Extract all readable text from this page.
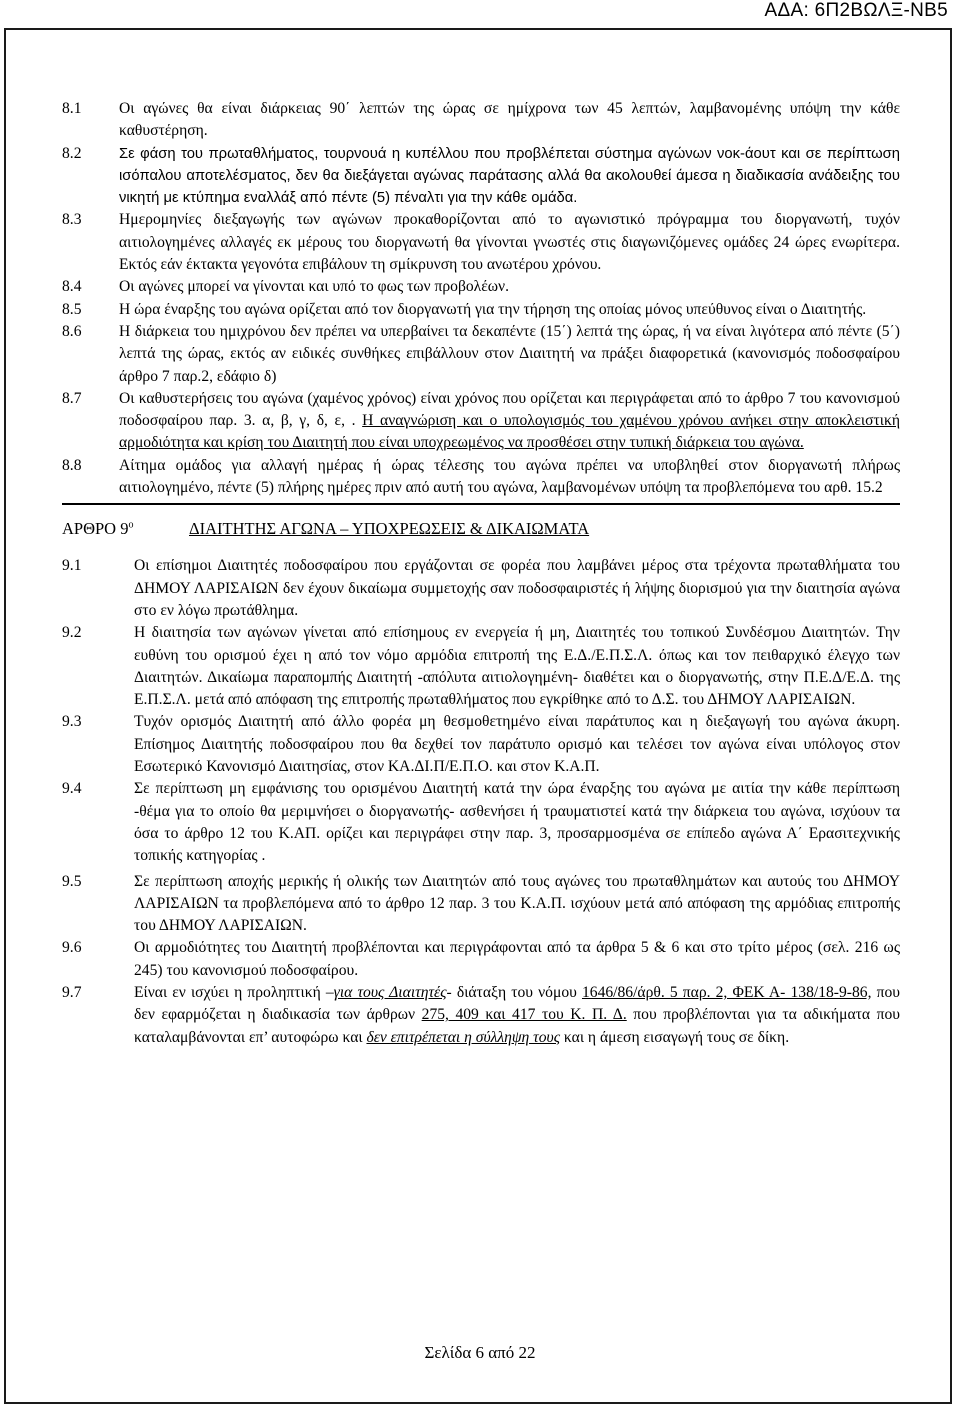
ΑΔΑ: 6Π2ΒΩΛΞ-ΝΒ5
8.1	Οι αγώνες θα είναι διάρκειας 90΄ λεπτών της ώρας σε ημίχρονα των 45 λεπτών, λαμβανομένης υπόψη την κάθε καθυστέρηση.
8.2	Σε φάση του πρωταθλήματος, τουρνουά η κυπέλλου που προβλέπεται σύστημα αγώνων νοκ-άουτ και σε περίπτωση ισόπαλου αποτελέσματος, δεν θα διεξάγεται αγώνας παράτασης αλλά θα ακολουθεί άμεσα η διαδικασία ανάδειξης του νικητή με κτύπημα εναλλάξ από πέντε (5) πέναλτι για την κάθε ομάδα.
8.3	Ημερομηνίες διεξαγωγής των αγώνων προκαθορίζονται από το αγωνιστικό πρόγραμμα του διοργανωτή, τυχόν αιτιολογημένες αλλαγές εκ μέρους του διοργανωτή θα γίνονται γνωστές στις διαγωνιζόμενες ομάδες 24 ώρες ενωρίτερα. Εκτός εάν έκτακτα γεγονότα επιβάλουν τη σμίκρυνση του ανωτέρου χρόνου.
8.4	Οι αγώνες μπορεί να γίνονται και υπό το φως των προβολέων.
8.5	Η ώρα έναρξης του αγώνα ορίζεται από τον διοργανωτή για την τήρηση της οποίας μόνος υπεύθυνος είναι ο Διαιτητής.
8.6	Η διάρκεια του ημιχρόνου δεν πρέπει να υπερβαίνει τα δεκαπέντε (15΄) λεπτά της ώρας, ή να είναι λιγότερα από πέντε (5΄) λεπτά της ώρας, εκτός αν ειδικές συνθήκες επιβάλλουν στον Διαιτητή να πράξει διαφορετικά (κανονισμός ποδοσφαίρου άρθρο 7 παρ.2, εδάφιο δ)
8.7	Οι καθυστερήσεις του αγώνα (χαμένος χρόνος) είναι χρόνος που ορίζεται και περιγράφεται από το άρθρο 7 του κανονισμού ποδοσφαίρου παρ. 3. α, β, γ, δ, ε, . Η αναγνώριση και ο υπολογισμός του χαμένου χρόνου ανήκει στην αποκλειστική αρμοδιότητα και κρίση του Διαιτητή που είναι υποχρεωμένος να προσθέσει στην τυπική διάρκεια του αγώνα.
8.8	Αίτημα ομάδος για αλλαγή ημέρας ή ώρας τέλεσης του αγώνα πρέπει να υποβληθεί στον διοργανωτή πλήρως αιτιολογημένο, πέντε (5) πλήρης ημέρες πριν από αυτή του αγώνα, λαμβανομένων υπόψη τα προβλεπόμενα του αρθ. 15.2
ΑΡΘΡΟ $9^o$	ΔΙΑΙΤΗΤΗΣ ΑΓΩΝΑ – ΥΠΟΧΡΕΩΣΕΙΣ & ΔΙΚΑΙΩΜΑΤΑ
9.1	Οι επίσημοι Διαιτητές ποδοσφαίρου που εργάζονται σε φορέα που λαμβάνει μέρος στα τρέχοντα πρωταθλήματα του ΔΗΜΟΥ ΛΑΡΙΣΑΙΩΝ δεν έχουν δικαίωμα συμμετοχής σαν ποδοσφαιριστές ή λήψης διορισμού για την διαιτησία αγώνα στο εν λόγω πρωτάθλημα.
9.2	Η διαιτησία των αγώνων γίνεται από επίσημους εν ενεργεία ή μη, Διαιτητές του τοπικού Συνδέσμου Διαιτητών. Την ευθύνη του ορισμού έχει η από τον νόμο αρμόδια επιτροπή της Ε.Δ./Ε.Π.Σ.Λ. όπως και τον πειθαρχικό έλεγχο των Διαιτητών. Δικαίωμα παραπομπής Διαιτητή -απόλυτα αιτιολογημένη- διαθέτει και ο διοργανωτής, στην Π.Ε.Δ/Ε.Δ. της Ε.Π.Σ.Λ. μετά από απόφαση της επιτροπής πρωταθλήματος που εγκρίθηκε από το Δ.Σ. του ΔΗΜΟΥ ΛΑΡΙΣΑΙΩΝ.
9.3	Τυχόν ορισμός Διαιτητή από άλλο φορέα μη θεσμοθετημένο είναι παράτυπος και η διεξαγωγή του αγώνα άκυρη. Επίσημος Διαιτητής ποδοσφαίρου που θα δεχθεί τον παράτυπο ορισμό και τελέσει τον αγώνα είναι υπόλογος στον Εσωτερικό Κανονισμό Διαιτησίας, στον ΚΑ.ΔΙ.Π/Ε.Π.Ο. και στον Κ.Α.Π.
9.4	Σε περίπτωση μη εμφάνισης του ορισμένου Διαιτητή κατά την ώρα έναρξης του αγώνα με αιτία την κάθε περίπτωση -θέμα για το οποίο θα μεριμνήσει ο διοργανωτής- ασθενήσει ή τραυματιστεί κατά την διάρκεια του αγώνα, ισχύουν τα όσα το άρθρο 12 του Κ.ΑΠ. ορίζει και περιγράφει στην παρ. 3, προσαρμοσμένα σε επίπεδο αγώνα Α΄ Ερασιτεχνικής τοπικής κατηγορίας .
9.5	Σε περίπτωση αποχής μερικής ή ολικής των Διαιτητών από τους αγώνες του πρωταθλημάτων και αυτούς του ΔΗΜΟΥ ΛΑΡΙΣΑΙΩΝ τα προβλεπόμενα από το άρθρο 12 παρ. 3 του Κ.Α.Π. ισχύουν μετά από απόφαση της αρμόδιας επιτροπής του ΔΗΜΟΥ ΛΑΡΙΣΑΙΩΝ.
9.6	Οι αρμοδιότητες του Διαιτητή προβλέπονται και περιγράφονται από τα άρθρα 5 & 6 και στο τρίτο μέρος (σελ. 216 ως 245) του κανονισμού ποδοσφαίρου.
9.7	Είναι εν ισχύει η προληπτική –για τους Διαιτητές- διάταξη του νόμου 1646/86/άρθ. 5 παρ. 2, ΦΕΚ Α- 138/18-9-86, που δεν εφαρμόζεται η διαδικασία των άρθρων 275, 409 και 417 του Κ. Π. Δ. που προβλέπονται για τα αδικήματα που καταλαμβάνονται επ’ αυτοφώρω και δεν επιτρέπεται η σύλληψη τους και η άμεση εισαγωγή τους σε δίκη.
Σελίδα 6 από 22
